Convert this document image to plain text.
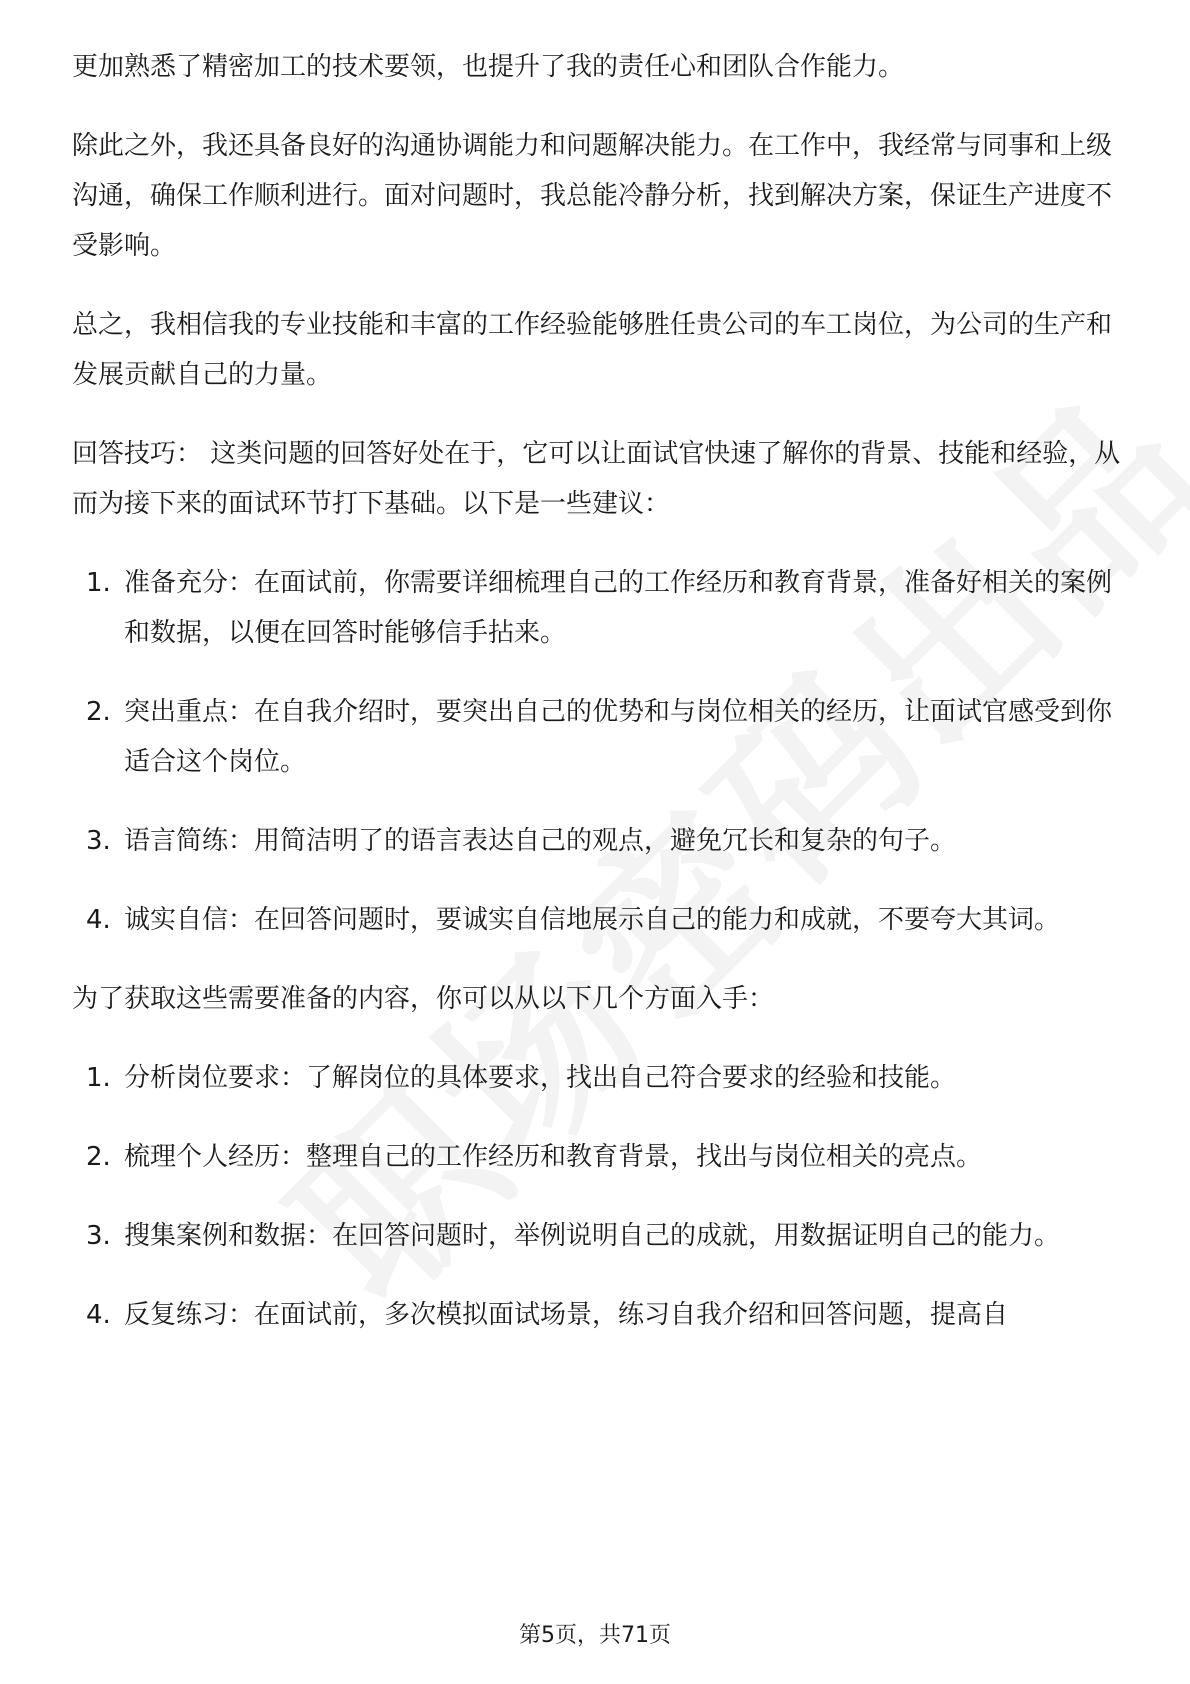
更加熟悉了精密加工的技术要领，也提升了我的责任心和团队合作能力。

除此之外，我还具备良好的沟通协调能力和问题解决能力。在工作中，我经常与同事和上级沟通，确保工作顺利进行。面对问题时，我总能冷静分析，找到解决方案，保证生产进度不受影响。

总之，我相信我的专业技能和丰富的工作经验能够胜任贵公司的车工岗位，为公司的生产和发展贡献自己的力量。

回答技巧： 这类问题的回答好处在于，它可以让面试官快速了解你的背景、技能和经验，从而为接下来的面试环节打下基础。以下是一些建议：

1. 准备充分：在面试前，你需要详细梳理自己的工作经历和教育背景，准备好相关的案例和数据，以便在回答时能够信手拈来。
2. 突出重点：在自我介绍时，要突出自己的优势和与岗位相关的经历，让面试官感受到你适合这个岗位。
3. 语言简练：用简洁明了的语言表达自己的观点，避免冗长和复杂的句子。
4. 诚实自信：在回答问题时，要诚实自信地展示自己的能力和成就，不要夸大其词。

为了获取这些需要准备的内容，你可以从以下几个方面入手：

1. 分析岗位要求：了解岗位的具体要求，找出自己符合要求的经验和技能。
2. 梳理个人经历：整理自己的工作经历和教育背景，找出与岗位相关的亮点。
3. 搜集案例和数据：在回答问题时，举例说明自己的成就，用数据证明自己的能力。
4. 反复练习：在面试前，多次模拟面试场景，练习自我介绍和回答问题，提高自
第5页，共71页
